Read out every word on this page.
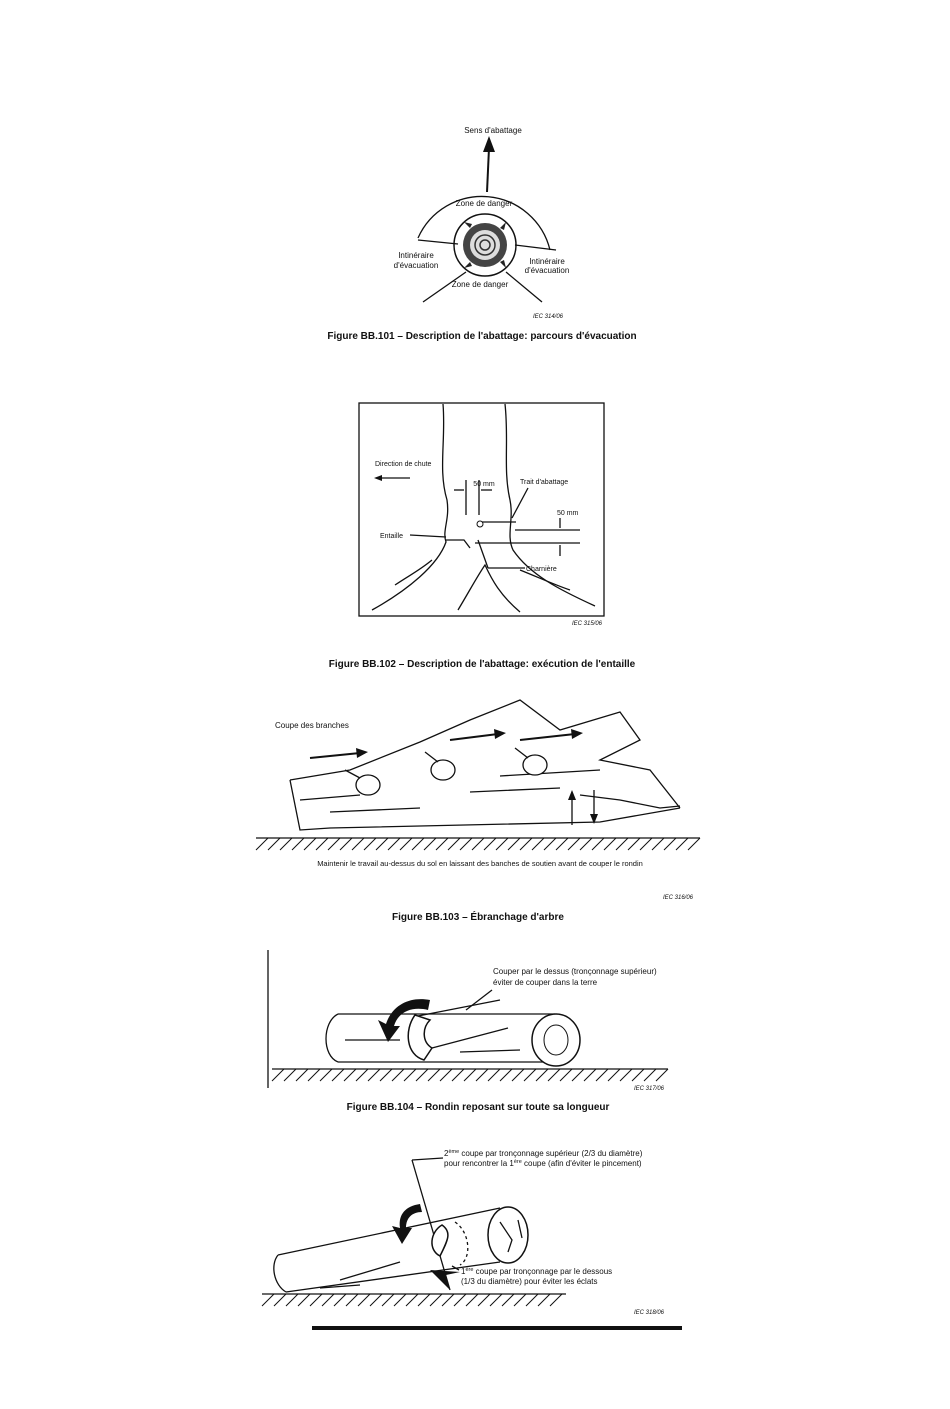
Sens d'abattage
Zone de danger
Zone de danger
Intinéraire
d'évacuation	Intinéraire
d'évacuation
IEC 314/06
Figure BB.101 – Description de l'abattage: parcours d'évacuation
Direction de chute
50 mm	Trait d'abattage
50 mm
Entaille
Charnière
IEC 315/06
Figure BB.102 – Description de l'abattage: exécution de l'entaille
Coupe des branches
Maintenir le travail au-dessus du sol en laissant des banches de soutien avant de couper le rondin
IEC 316/06
Figure BB.103 – Ébranchage d'arbre
Couper par le dessus (tronçonnage supérieur)
éviter de couper dans la terre
IEC 317/06
Figure BB.104 – Rondin reposant sur toute sa longueur
2ème coupe par tronçonnage supérieur (2/3 du diamètre)
pour rencontrer la 1ère coupe (afin d'éviter le pincement)
1ère coupe par tronçonnage par le dessous
(1/3 du diamètre) pour éviter les éclats
IEC 318/06
